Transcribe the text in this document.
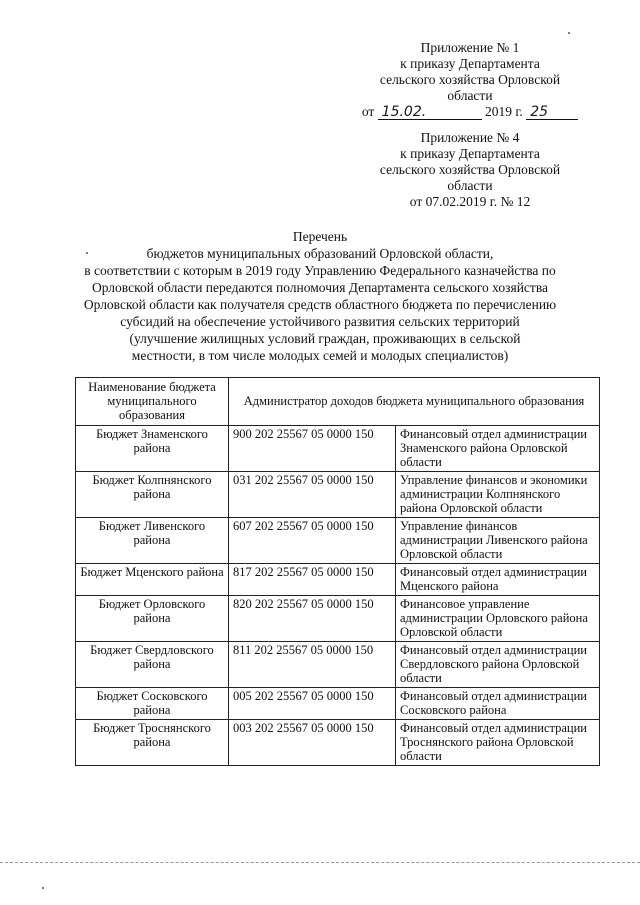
Приложение № 1
к приказу Департамента
сельского хозяйства Орловской
области
от 15.02.	2019 г. 25
Приложение № 4
к приказу Департамента
сельского хозяйства Орловской
области
от 07.02.2019 г. № 12
Перечень
бюджетов муниципальных образований Орловской области,
в соответствии с которым в 2019 году Управлению Федерального казначейства по
Орловской области передаются полномочия Департамента сельского хозяйства
Орловской области как получателя средств областного бюджета по перечислению
субсидий на обеспечение устойчивого развития сельских территорий
(улучшение жилищных условий граждан, проживающих в сельской
местности, в том числе молодых семей и молодых специалистов)
Наименование бюджета муниципального образования	Администратор доходов бюджета муниципального образования	
Бюджет Знаменского района	900 202 25567 05 0000 150	Финансовый отдел администрации Знаменского района Орловской области
Бюджет Колпнянского района	031 202 25567 05 0000 150	Управление финансов и экономики администрации Колпнянского района Орловской области
Бюджет Ливенского района	607 202 25567 05 0000 150	Управление финансов администрации Ливенского района Орловской области
Бюджет Мценского района	817 202 25567 05 0000 150	Финансовый отдел администрации Мценского района
Бюджет Орловского района	820 202 25567 05 0000 150	Финансовое управление администрации Орловского района Орловской области
Бюджет Свердловского района	811 202 25567 05 0000 150	Финансовый отдел администрации Свердловского района Орловской области
Бюджет Сосковского района	005 202 25567 05 0000 150	Финансовый отдел администрации Сосковского района
Бюджет Троснянского района	003 202 25567 05 0000 150	Финансовый отдел администрации Троснянского района Орловской области
